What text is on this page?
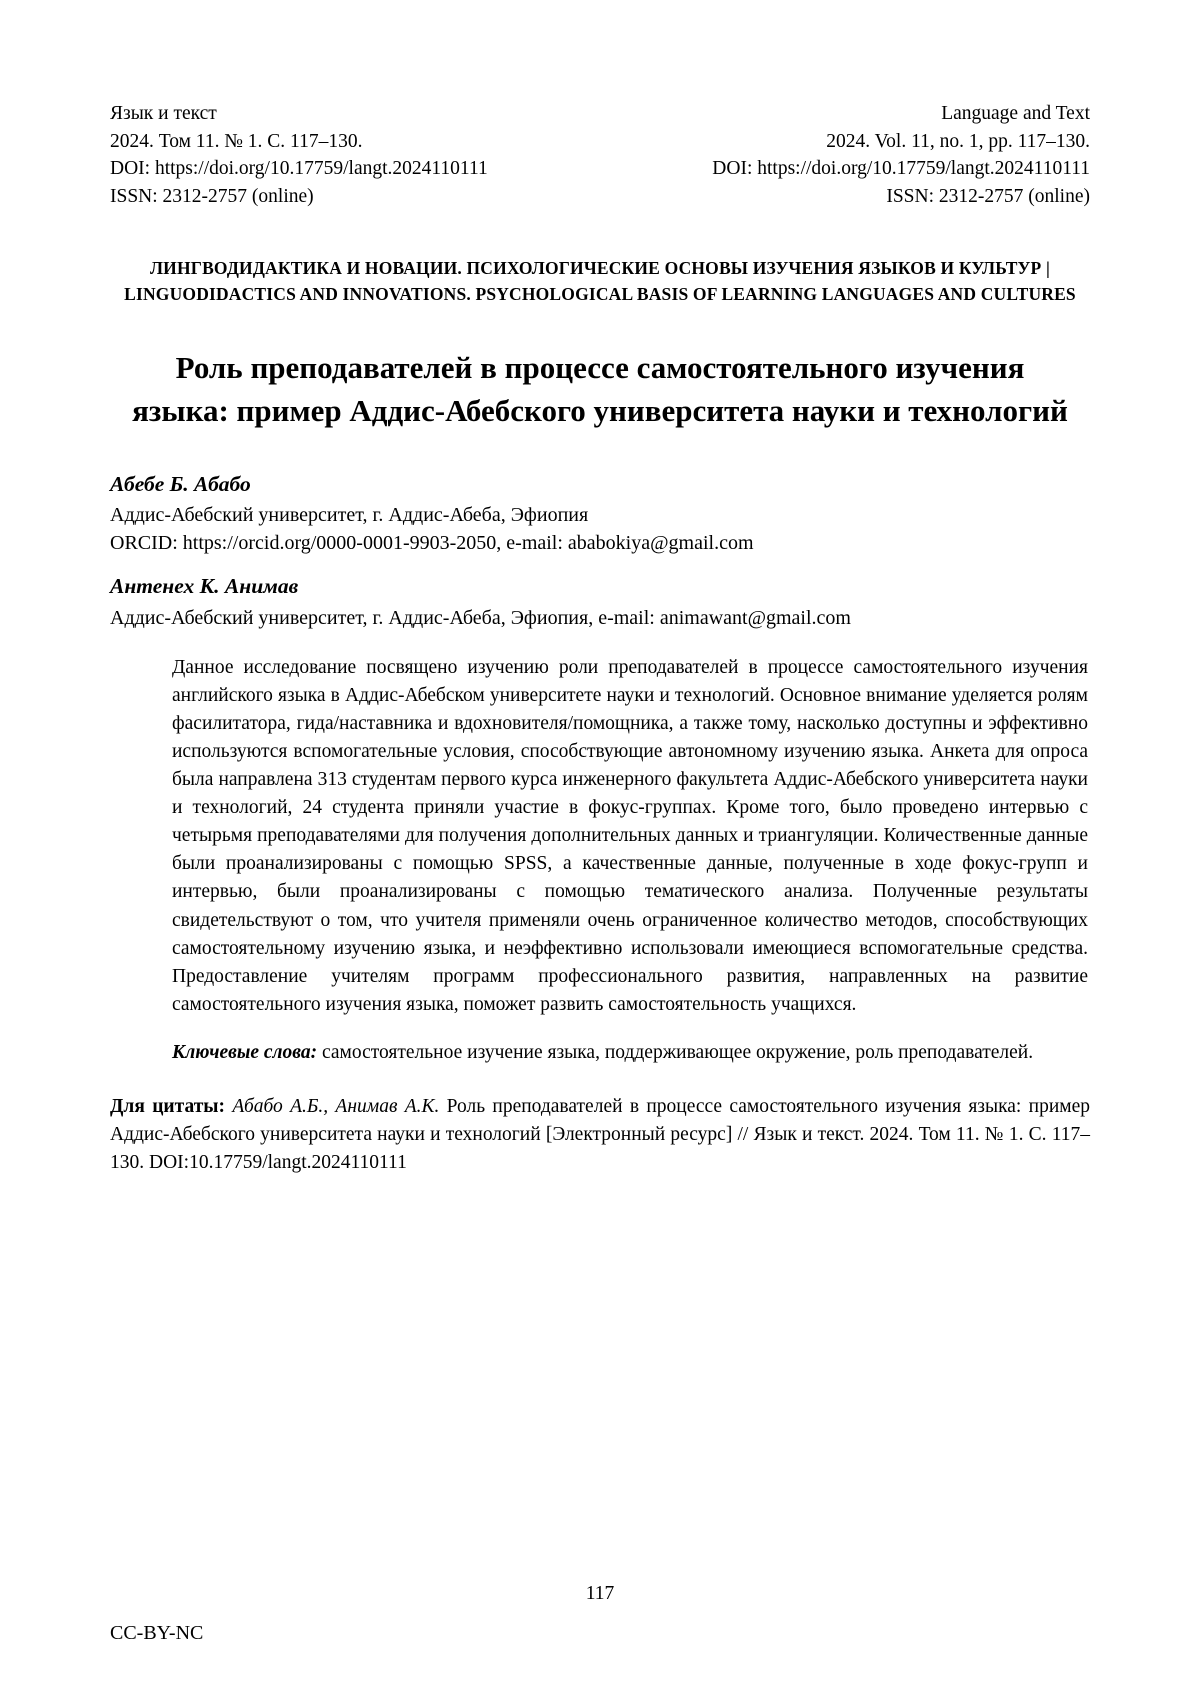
Язык и текст
2024. Том 11. № 1. С. 117–130.
DOI: https://doi.org/10.17759/langt.2024110111
ISSN: 2312-2757 (online)
Language and Text
2024. Vol. 11, no. 1, pp. 117–130.
DOI: https://doi.org/10.17759/langt.2024110111
ISSN: 2312-2757 (online)
ЛИНГВОДИДАКТИКА И НОВАЦИИ. ПСИХОЛОГИЧЕСКИЕ ОСНОВЫ ИЗУЧЕНИЯ ЯЗЫКОВ И КУЛЬТУР | LINGUODIDACTICS AND INNOVATIONS. PSYCHOLOGICAL BASIS OF LEARNING LANGUAGES AND CULTURES
Роль преподавателей в процессе самостоятельного изучения языка: пример Аддис-Абебского университета науки и технологий
Абебе Б. Абабо
Аддис-Абебский университет, г. Аддис-Абеба, Эфиопия
ORCID: https://orcid.org/0000-0001-9903-2050, e-mail: ababokiya@gmail.com
Антенех К. Анимав
Аддис-Абебский университет, г. Аддис-Абеба, Эфиопия, e-mail: animawant@gmail.com

Данное исследование посвящено изучению роли преподавателей в процессе самостоятельного изучения английского языка в Аддис-Абебском университете науки и технологий. Основное внимание уделяется ролям фасилитатора, гида/наставника и вдохновителя/помощника, а также тому, насколько доступны и эффективно используются вспомогательные условия, способствующие автономному изучению языка. Анкета для опроса была направлена 313 студентам первого курса инженерного факультета Аддис-Абебского университета науки и технологий, 24 студента приняли участие в фокус-группах. Кроме того, было проведено интервью с четырьмя преподавателями для получения дополнительных данных и триангуляции. Количественные данные были проанализированы с помощью SPSS, а качественные данные, полученные в ходе фокус-групп и интервью, были проанализированы с помощью тематического анализа. Полученные результаты свидетельствуют о том, что учителя применяли очень ограниченное количество методов, способствующих самостоятельному изучению языка, и неэффективно использовали имеющиеся вспомогательные средства. Предоставление учителям программ профессионального развития, направленных на развитие самостоятельного изучения языка, поможет развить самостоятельность учащихся.

Ключевые слова: самостоятельное изучение языка, поддерживающее окружение, роль преподавателей.
Для цитаты: Абабо А.Б., Анимав А.К. Роль преподавателей в процессе самостоятельного изучения языка: пример Аддис-Абебского университета науки и технологий [Электронный ресурс] // Язык и текст. 2024. Том 11. № 1. С. 117–130. DOI:10.17759/langt.2024110111
117
CC-BY-NC
